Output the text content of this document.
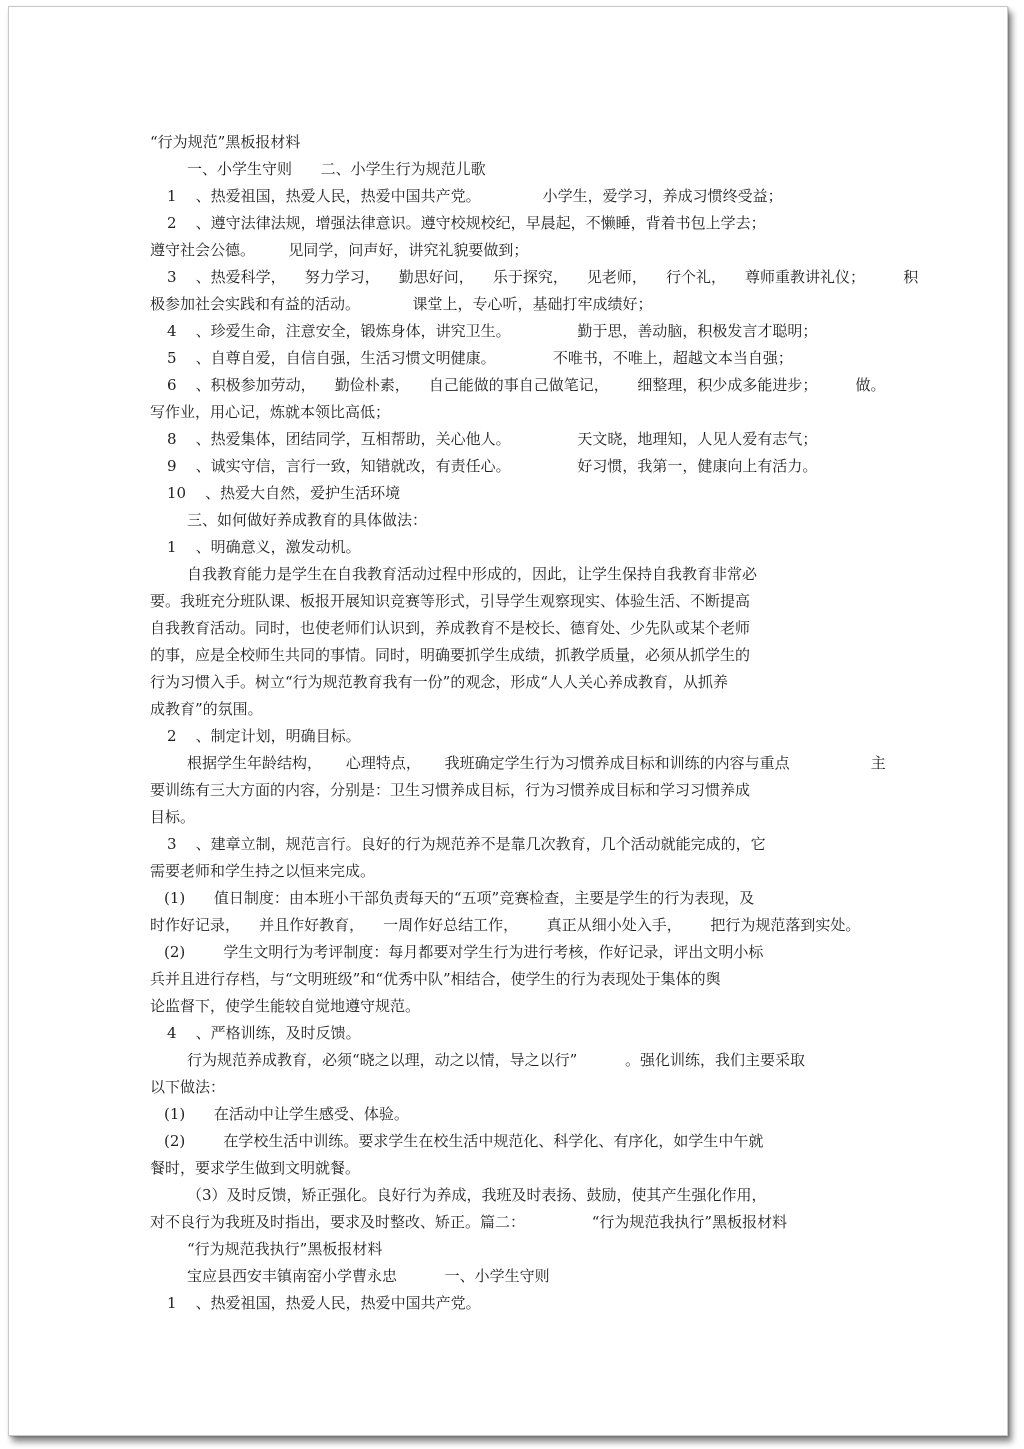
“行为规范”黑板报材料
一、小学生守则      二、小学生行为规范儿歌
1    、热爱祖国，热爱人民，热爱中国共产党。             小学生，爱学习，养成习惯终受益；
2    、遵守法律法规，增强法律意识。遵守校规校纪，早晨起，不懒睡，背着书包上学去；
遵守社会公德。       见同学，问声好，讲究礼貌要做到；
3    、热爱科学，    努力学习，    勤思好问，    乐于探究，    见老师，    行个礼，    尊师重教讲礼仪；        积
极参加社会实践和有益的活动。           课堂上，专心听，基础打牢成绩好；
4    、珍爱生命，注意安全，锻炼身体，讲究卫生。              勤于思，善动脑，积极发言才聪明；
5    、自尊自爱，自信自强，生活习惯文明健康。            不唯书，不唯上，超越文本当自强；
6    、积极参加劳动，    勤俭朴素，    自己能做的事自己做笔记，      细整理，积少成多能进步；        做。
写作业，用心记，炼就本领比高低；
8    、热爱集体，团结同学，互相帮助，关心他人。              天文晓，地理知，人见人爱有志气；
9    、诚实守信，言行一致，知错就改，有责任心。              好习惯，我第一，健康向上有活力。
10    、热爱大自然，爱护生活环境
三、如何做好养成教育的具体做法：
1    、明确意义，激发动机。
自我教育能力是学生在自我教育活动过程中形成的，因此，让学生保持自我教育非常必
要。我班充分班队课、板报开展知识竞赛等形式，引导学生观察现实、体验生活、不断提高
自我教育活动。同时，也使老师们认识到，养成教育不是校长、德育处、少先队或某个老师
的事，应是全校师生共同的事情。同时，明确要抓学生成绩，抓教学质量，必须从抓学生的
行为习惯入手。树立“行为规范教育我有一份”的观念，形成“人人关心养成教育，从抓养
成教育”的氛围。
2    、制定计划，明确目标。
根据学生年龄结构，     心理特点，     我班确定学生行为习惯养成目标和训练的内容与重点                 主
要训练有三大方面的内容，分别是：卫生习惯养成目标，行为习惯养成目标和学习习惯养成
目标。
3    、建章立制，规范言行。良好的行为规范养不是靠几次教育，几个活动就能完成的，它
需要老师和学生持之以恒来完成。
(1)      值日制度：由本班小干部负责每天的“五项”竞赛检查，主要是学生的行为表现，及
时作好记录，    并且作好教育，    一周作好总结工作，      真正从细小处入手，      把行为规范落到实处。
(2)        学生文明行为考评制度：每月都要对学生行为进行考核，作好记录，评出文明小标
兵并且进行存档，与“文明班级”和“优秀中队”相结合，使学生的行为表现处于集体的舆
论监督下，使学生能较自觉地遵守规范。
4    、严格训练，及时反馈。
行为规范养成教育，必须“晓之以理，动之以情，导之以行”          。强化训练，我们主要采取
以下做法：
(1)      在活动中让学生感受、体验。
(2)        在学校生活中训练。要求学生在校生活中规范化、科学化、有序化，如学生中午就
餐时，要求学生做到文明就餐。
（3）及时反馈，矫正强化。良好行为养成，我班及时表扬、鼓励，使其产生强化作用，
对不良行为我班及时指出，要求及时整改、矫正。篇二：              “行为规范我执行”黑板报材料
“行为规范我执行”黑板报材料
宝应县西安丰镇南窑小学曹永忠          一、小学生守则
1    、热爱祖国，热爱人民，热爱中国共产党。
